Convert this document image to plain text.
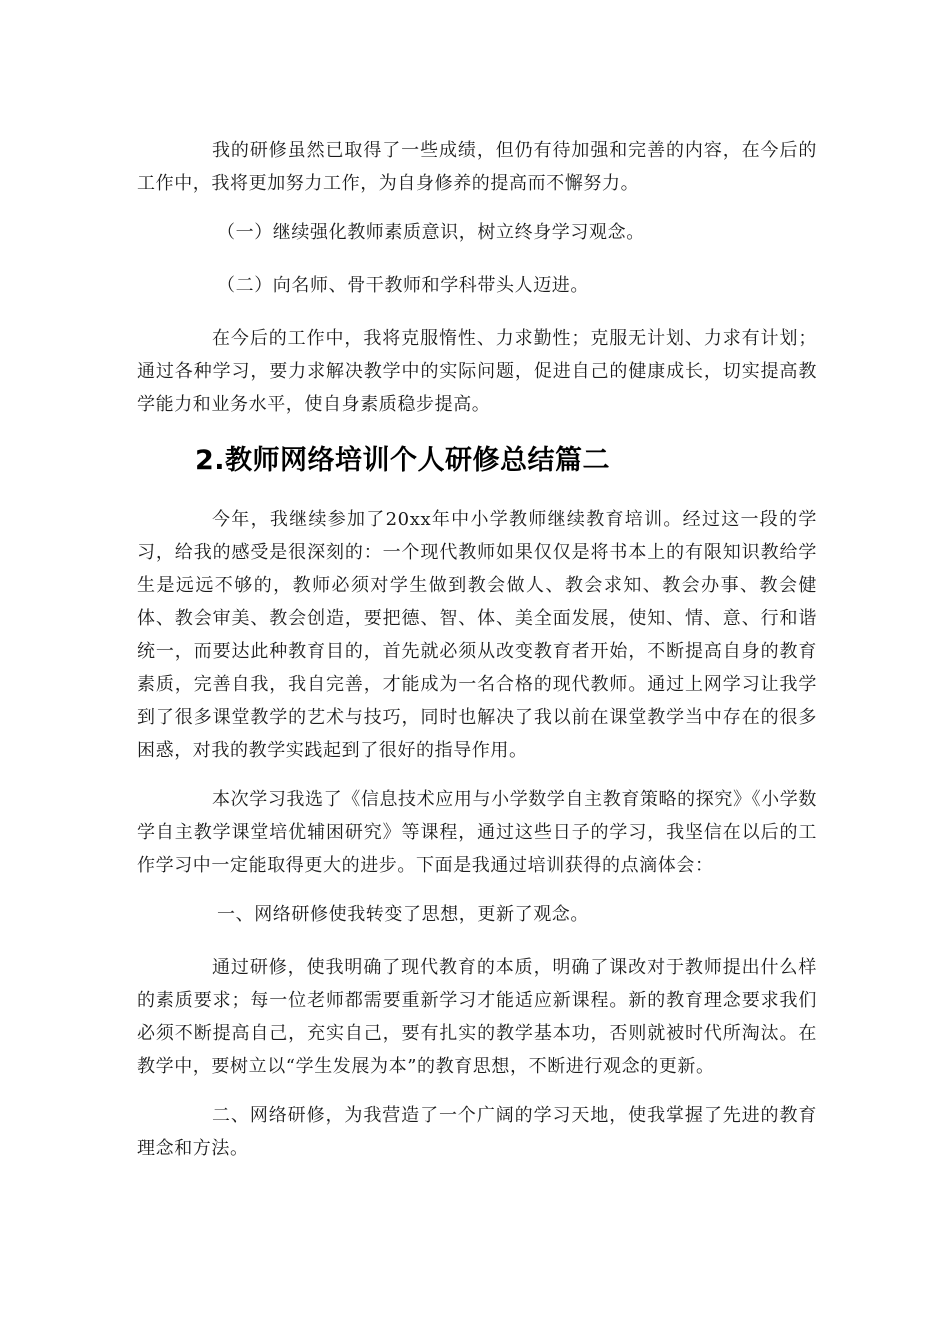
我的研修虽然已取得了一些成绩，但仍有待加强和完善的内容，在今后的工作中，我将更加努力工作，为自身修养的提高而不懈努力。

（一）继续强化教师素质意识，树立终身学习观念。

（二）向名师、骨干教师和学科带头人迈进。

在今后的工作中，我将克服惰性、力求勤性；克服无计划、力求有计划；通过各种学习，要力求解决教学中的实际问题，促进自己的健康成长，切实提高教学能力和业务水平，使自身素质稳步提高。

2.教师网络培训个人研修总结篇二

今年，我继续参加了20xx年中小学教师继续教育培训。经过这一段的学习，给我的感受是很深刻的：一个现代教师如果仅仅是将书本上的有限知识教给学生是远远不够的，教师必须对学生做到教会做人、教会求知、教会办事、教会健体、教会审美、教会创造，要把德、智、体、美全面发展，使知、情、意、行和谐统一，而要达此种教育目的，首先就必须从改变教育者开始，不断提高自身的教育素质，完善自我，我自完善，才能成为一名合格的现代教师。通过上网学习让我学到了很多课堂教学的艺术与技巧，同时也解决了我以前在课堂教学当中存在的很多困惑，对我的教学实践起到了很好的指导作用。

本次学习我选了《信息技术应用与小学数学自主教育策略的探究》《小学数学自主教学课堂培优辅困研究》等课程，通过这些日子的学习，我坚信在以后的工作学习中一定能取得更大的进步。下面是我通过培训获得的点滴体会：

一、网络研修使我转变了思想，更新了观念。

通过研修，使我明确了现代教育的本质，明确了课改对于教师提出什么样的素质要求；每一位老师都需要重新学习才能适应新课程。新的教育理念要求我们必须不断提高自己，充实自己，要有扎实的教学基本功，否则就被时代所淘汰。在教学中，要树立以“学生发展为本”的教育思想，不断进行观念的更新。

二、网络研修，为我营造了一个广阔的学习天地，使我掌握了先进的教育理念和方法。
